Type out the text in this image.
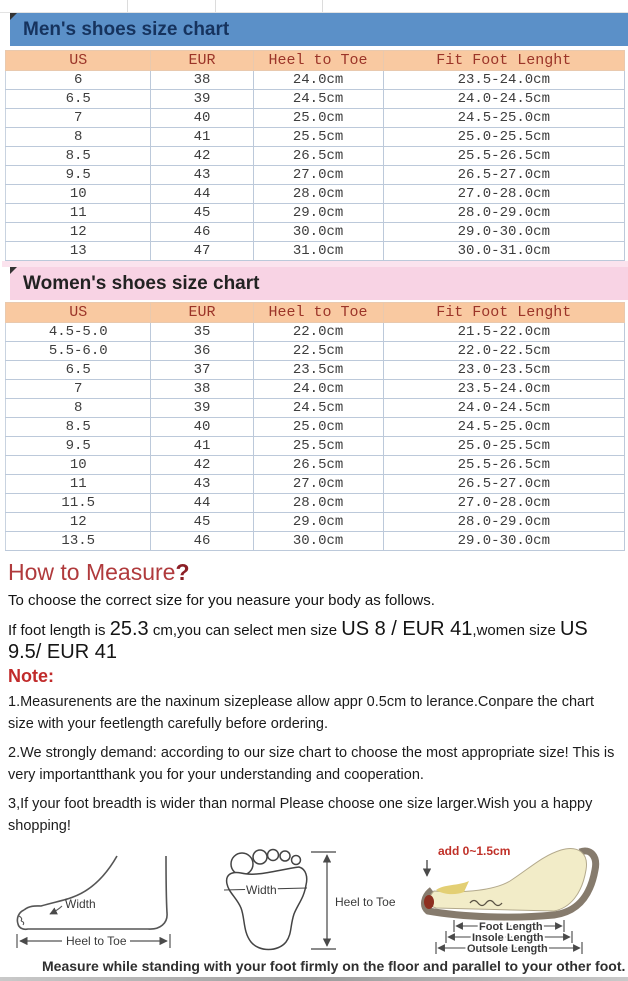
Men's shoes size chart
US	EUR	Heel to Toe	Fit Foot Lenght
6	38	24.0cm	23.5-24.0cm
6.5	39	24.5cm	24.0-24.5cm
7	40	25.0cm	24.5-25.0cm
8	41	25.5cm	25.0-25.5cm
8.5	42	26.5cm	25.5-26.5cm
9.5	43	27.0cm	26.5-27.0cm
10	44	28.0cm	27.0-28.0cm
11	45	29.0cm	28.0-29.0cm
12	46	30.0cm	29.0-30.0cm
13	47	31.0cm	30.0-31.0cm
Women's shoes size chart
US	EUR	Heel to Toe	Fit Foot Lenght
4.5-5.0	35	22.0cm	21.5-22.0cm
5.5-6.0	36	22.5cm	22.0-22.5cm
6.5	37	23.5cm	23.0-23.5cm
7	38	24.0cm	23.5-24.0cm
8	39	24.5cm	24.0-24.5cm
8.5	40	25.0cm	24.5-25.0cm
9.5	41	25.5cm	25.0-25.5cm
10	42	26.5cm	25.5-26.5cm
11	43	27.0cm	26.5-27.0cm
11.5	44	28.0cm	27.0-28.0cm
12	45	29.0cm	28.0-29.0cm
13.5	46	30.0cm	29.0-30.0cm
How to Measure?
To choose the correct size for you neasure your body as follows.
If foot length is 25.3 cm,you can select men size US 8 / EUR 41,women size US 9.5/ EUR 41
Note:

1.Measurenents are the naxinum sizeplease allow appr 0.5cm to lerance.Conpare the chart size with your feetlength carefully before ordering.

2.We strongly demand: according to our size chart to choose the most appropriate size! This is very importantthank you for your understanding and cooperation.

3,If your foot breadth is wider than normal Please choose one size larger.Wish you a happy shopping!

Width
Heel to Toe
Width
Heel to Toe
add 0~1.5cm
Foot Length
Insole Length
Outsole Length
Measure while standing with your foot firmly on the floor and parallel to your other foot.
